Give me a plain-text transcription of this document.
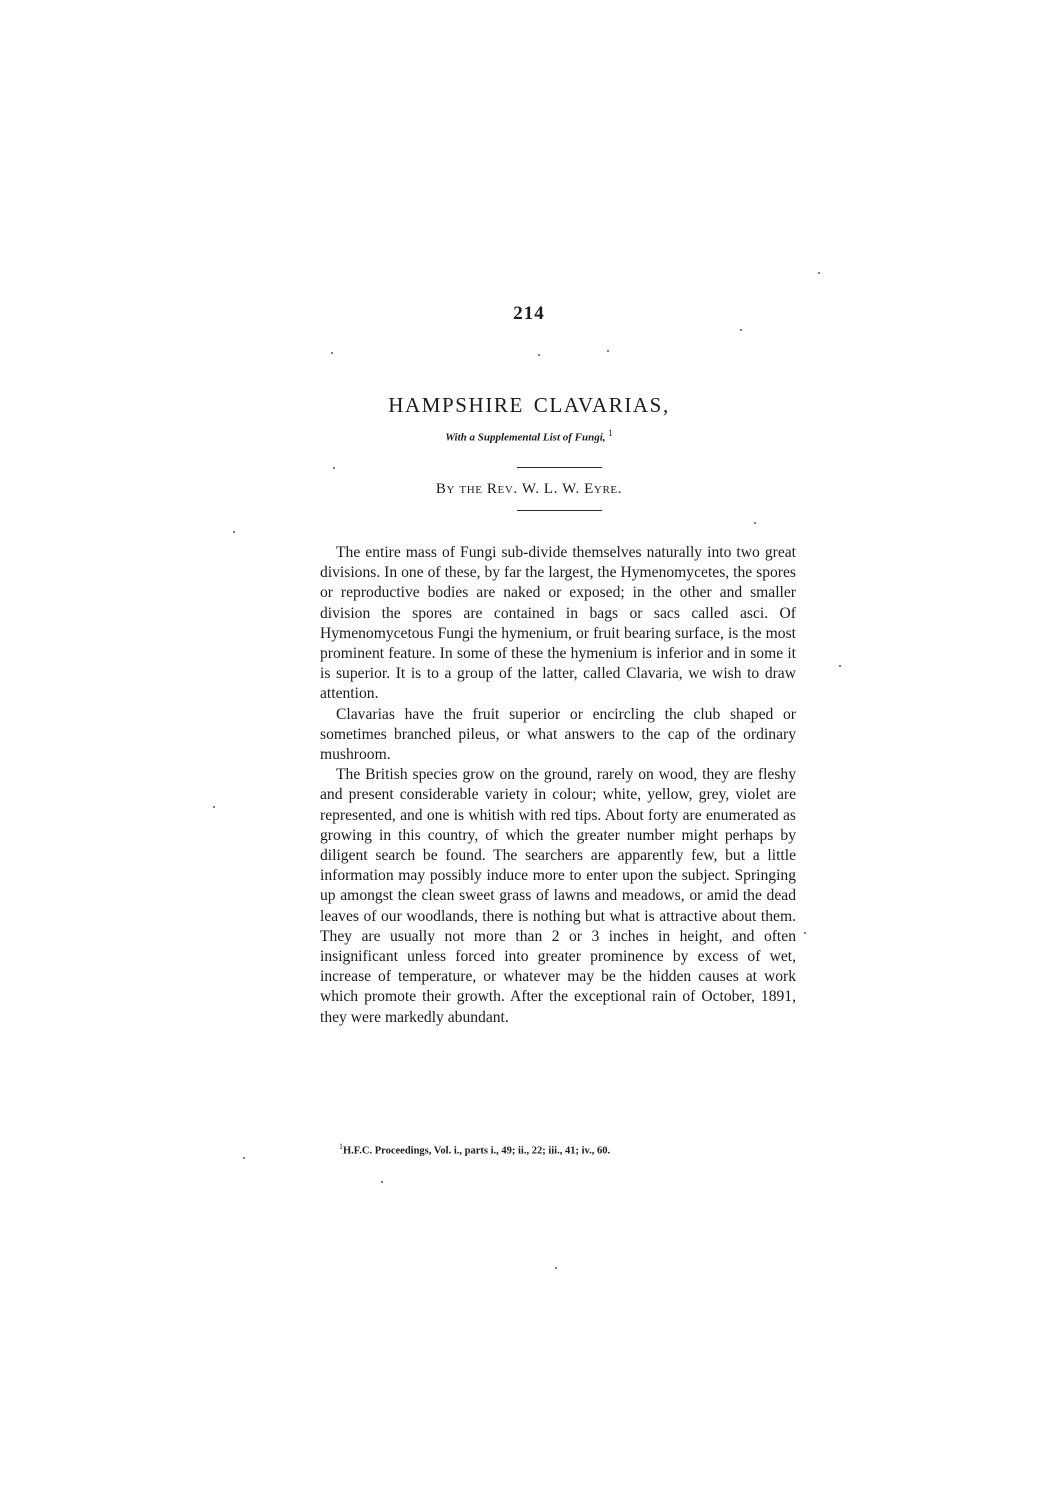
214
HAMPSHIRE CLAVARIAS,
With a Supplemental List of Fungi, $^1$
By the Rev. W. L. W. Eyre.

The entire mass of Fungi sub-divide themselves naturally into two great divisions. In one of these, by far the largest, the Hymenomycetes, the spores or reproductive bodies are naked or exposed; in the other and smaller division the spores are contained in bags or sacs called asci. Of Hymenomycetous Fungi the hymenium, or fruit bearing surface, is the most prominent feature. In some of these the hymenium is inferior and in some it is superior. It is to a group of the latter, called Clavaria, we wish to draw attention.

Clavarias have the fruit superior or encircling the club shaped or sometimes branched pileus, or what answers to the cap of the ordinary mushroom.

The British species grow on the ground, rarely on wood, they are fleshy and present considerable variety in colour; white, yellow, grey, violet are represented, and one is whitish with red tips. About forty are enumerated as growing in this country, of which the greater number might perhaps by diligent search be found. The searchers are apparently few, but a little information may possibly induce more to enter upon the subject. Springing up amongst the clean sweet grass of lawns and meadows, or amid the dead leaves of our woodlands, there is nothing but what is attractive about them. They are usually not more than 2 or 3 inches in height, and often insignificant unless forced into greater prominence by excess of wet, increase of temperature, or whatever may be the hidden causes at work which promote their growth. After the exceptional rain of October, 1891, they were markedly abundant.

$^1$H.F.C. Proceedings, Vol. i., parts i., 49; ii., 22; iii., 41; iv., 60.
